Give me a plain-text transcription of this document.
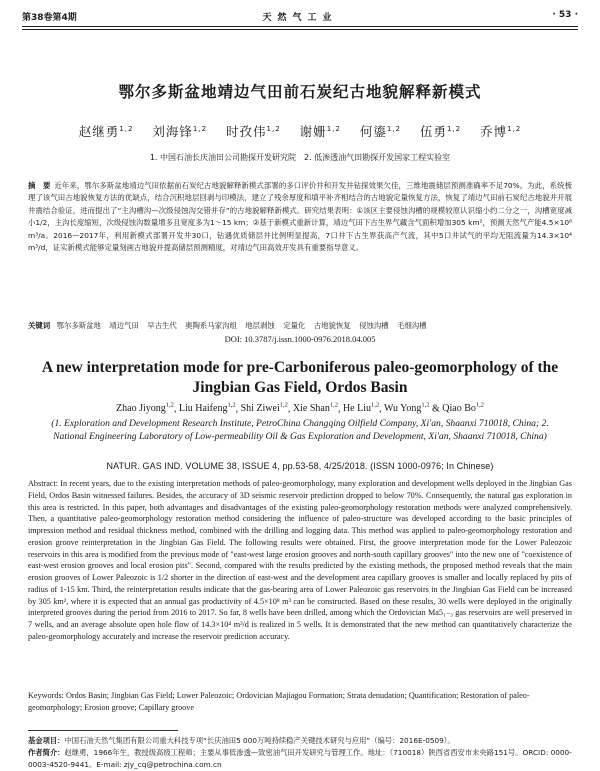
第38卷第4期	天然气工业	· 53 ·
鄂尔多斯盆地靖边气田前石炭纪古地貌解释新模式
赵继勇$^{1,2}$ 刘海锋$^{1,2}$ 时孜伟$^{1,2}$ 谢姗$^{1,2}$ 何鎏$^{1,2}$ 伍勇$^{1,2}$ 乔博$^{1,2}$
1. 中国石油长庆油田公司勘探开发研究院　2. 低渗透油气田勘探开发国家工程实验室
摘　要 近年来，鄂尔多斯盆地靖边气田依据前石炭纪古地貌解释新模式部署的多口评价井和开发井钻探效果欠佳，三维地震储层预测准确率不足70%。为此，系统梳理了该气田古地貌恢复方法的优缺点，结合沉积地层回剥与印模法，建立了残余厚度和填平补齐相结合的古地貌定量恢复方法，恢复了靖边气田前石炭纪古地貌并开展井震结合验证，进而提出了“主沟槽沟—次级侵蚀沟交错并存”的古地貌解释新模式。研究结果表明：①该区主要侵蚀沟槽的规模较原认识缩小约二分之一，沟槽宽度减小1/2，主沟长度缩短，次级侵蚀沟数量增多且宽度多为1～15 km；②基于新模式重新计算，靖边气田下古生界气藏含气面积增加305 km²，预测天然气产能4.5×10⁸ m³/a。2016—2017年，利用新模式部署开发井30口，钻遇优质储层井比例明显提高，7口井下古生界获高产气流，其中5口井试气的平均无阻流量为14.3×10⁴ m³/d，证实新模式能够定量刻画古地貌并提高储层预测精度，对靖边气田高效开发具有重要指导意义。
关键词 鄂尔多斯盆地 靖边气田 早古生代 奥陶系马家沟组 地层剥蚀 定量化 古地貌恢复 侵蚀沟槽 毛细沟槽
DOI: 10.3787/j.issn.1000-0976.2018.04.005
A new interpretation mode for pre-Carboniferous paleo-geomorphology of the Jingbian Gas Field, Ordos Basin
Zhao Jiyong$^{1,2}$, Liu Haifeng$^{1,2}$, Shi Ziwei$^{1,2}$, Xie Shan$^{1,2}$, He Liu$^{1,2}$, Wu Yong$^{1,2}$ & Qiao Bo$^{1,2}$
(1. Exploration and Development Research Institute, PetroChina Changqing Oilfield Company, Xi'an, Shaanxi 710018, China; 2. National Engineering Laboratory of Low-permeability Oil & Gas Exploration and Development, Xi'an, Shaanxi 710018, China)
NATUR. GAS IND. VOLUME 38, ISSUE 4, pp.53-58, 4/25/2018. (ISSN 1000-0976; In Chinese)
Abstract: In recent years, due to the existing interpretation methods of paleo-geomorphology, many exploration and development wells deployed in the Jingbian Gas Field, Ordos Basin witnessed failures. Besides, the accuracy of 3D seismic reservoir prediction dropped to below 70%. Consequently, the natural gas exploration in this area is restricted. In this paper, both advantages and disadvantages of the existing paleo-geomorphology restoration methods were analyzed comprehensively. Then, a quantitative paleo-geomorphology restoration method considering the influence of paleo-structure was developed according to the basic principles of impression method and residual thickness method, combined with the drilling and logging data. This method was applied to paleo-geomorphology restoration and erosion groove reinterpretation in the Jingbian Gas Field. The following results were obtained. First, the groove interpretation mode for the Lower Paleozoic reservoirs in this area is modified from the previous mode of "east-west large erosion grooves and north-south capillary grooves" into the new one of "coexistence of east-west erosion grooves and local erosion pits". Second, compared with the results predicted by the existing methods, the proposed method reveals that the main erosion grooves of Lower Paleozoic is 1/2 shorter in the direction of east-west and the development area capillary grooves is smaller and locally replaced by pits of radius of 1-15 km. Third, the reinterpretation results indicate that the gas-bearing area of Lower Paleozoic gas reservoirs in the Jingbian Gas Field can be increased by 305 km², where it is expected that an annual gas productivity of 4.5×10⁸ m³ can be constructed. Based on these results, 30 wells were deployed in the originally interpreted grooves during the period from 2016 to 2017. So far, 8 wells have been drilled, among which the Ordovician Ma5₁₋₃ gas reservoirs are well preserved in 7 wells, and an average absolute open hole flow of 14.3×10⁴ m³/d is realized in 5 wells. It is demonstrated that the new method can quantitatively characterize the paleo-geomorphology accurately and increase the reservoir prediction accuracy.
Keywords: Ordos Basin; Jingbian Gas Field; Lower Paleozoic; Ordovician Majiagou Formation; Strata denudation; Quantification; Restoration of paleo-geomorphology; Erosion groove; Capillary groove
基金项目：中国石油天然气集团有限公司重大科技专项“长庆油田5 000万吨持续稳产关键技术研究与应用”（编号：2016E-0509）。
作者简介：赵继勇，1966年生，教授级高级工程师；主要从事低渗透—致密油气田开发研究与管理工作。地址：（710018）陕西省西安市未央路151号。ORCID: 0000-0003-4520-9441。E-mail: zjy_cq@petrochina.com.cn
